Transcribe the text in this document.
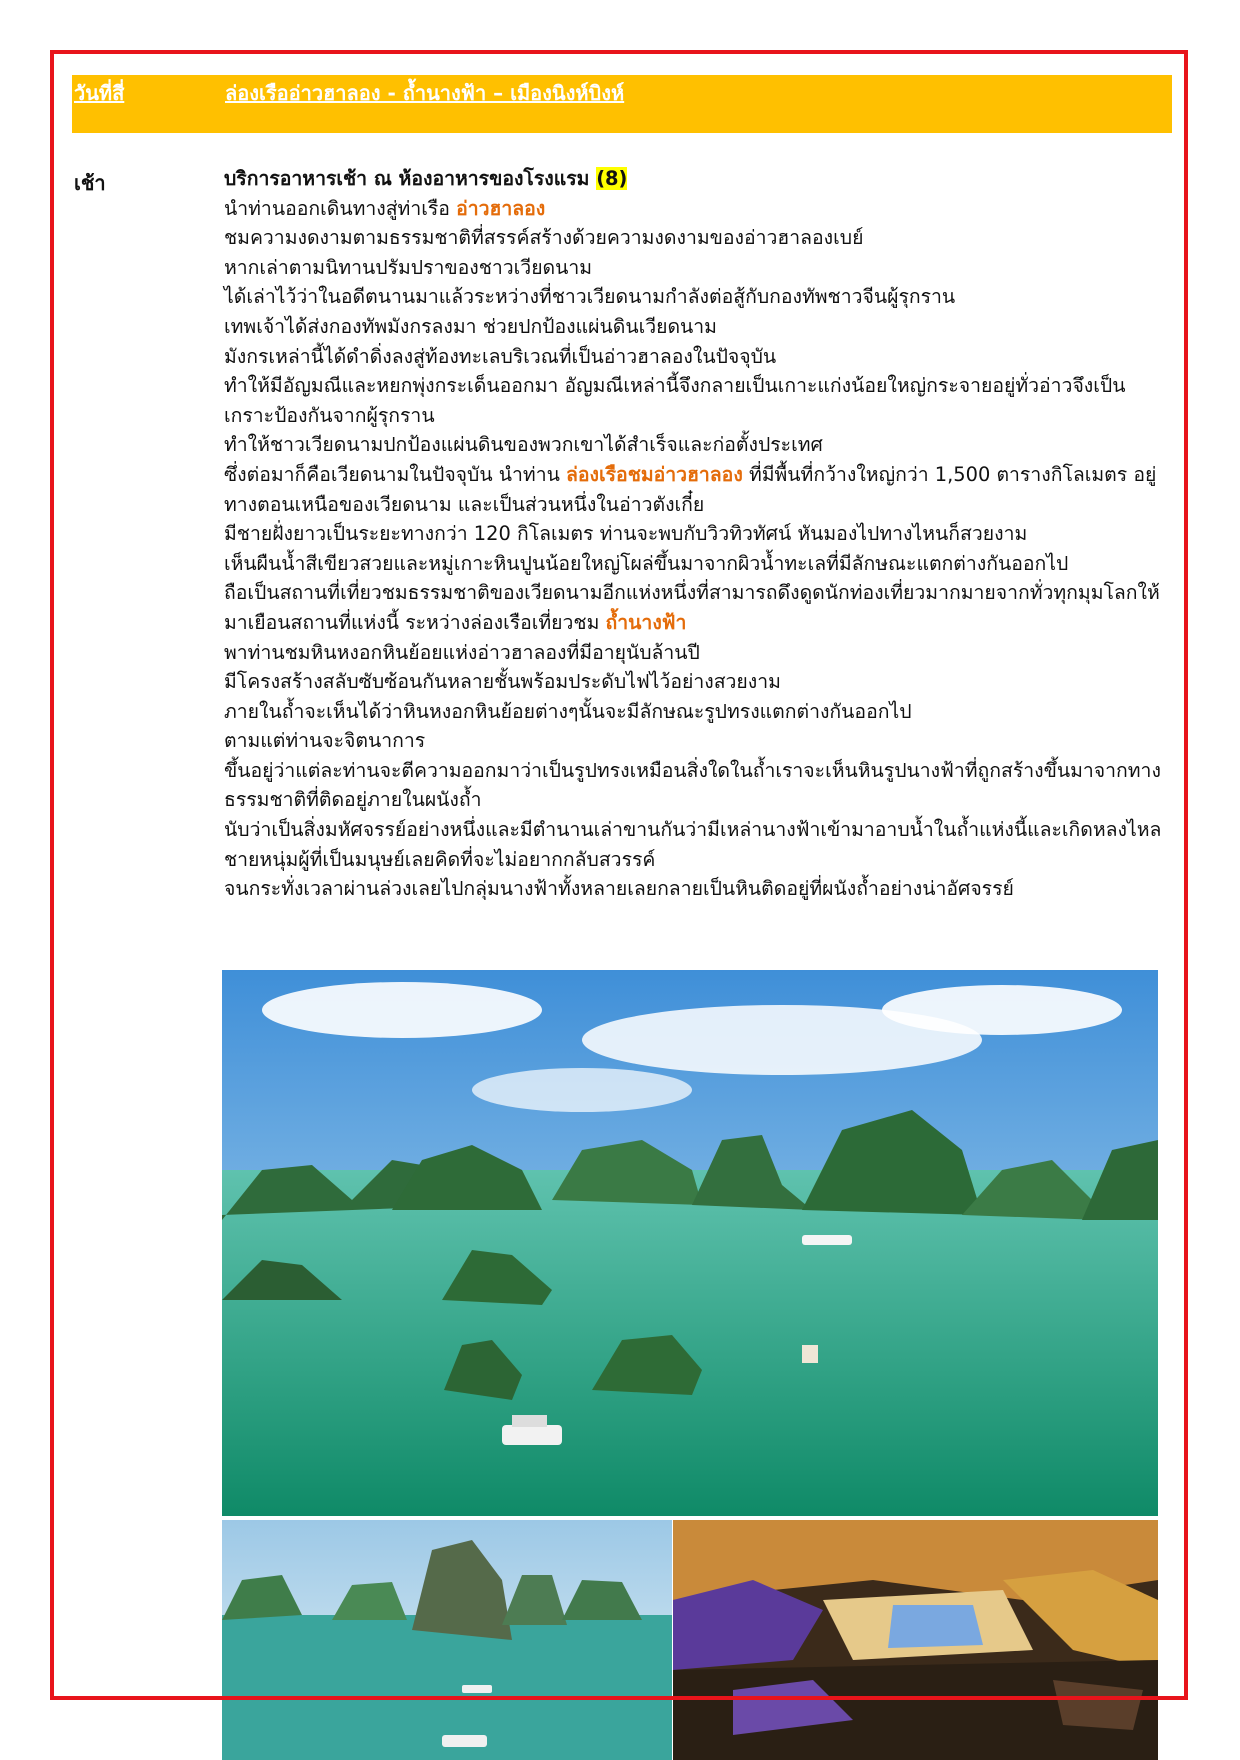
วันที่สี่	ล่องเรืออ่าวฮาลอง - ถ้ำนางฟ้า – เมืองนิงห์บิงห์
เช้า	บริการอาหารเช้า ณ ห้องอาหารของโรงแรม (8)

นำท่านออกเดินทางสู่ท่าเรือ อ่าวฮาลอง

ชมความงดงามตามธรรมชาติที่สรรค์สร้างด้วยความงดงามของอ่าวฮาลองเบย์

หากเล่าตามนิทานปรัมปราของชาวเวียดนาม

ได้เล่าไว้ว่าในอดีตนานมาแล้วระหว่างที่ชาวเวียดนามกำลังต่อสู้กับกองทัพชาวจีนผู้รุกราน

เทพเจ้าได้ส่งกองทัพมังกรลงมา ช่วยปกป้องแผ่นดินเวียดนาม

มังกรเหล่านี้ได้ดำดิ่งลงสู่ท้องทะเลบริเวณที่เป็นอ่าวฮาลองในปัจจุบัน

ทำให้มีอัญมณีและหยกพุ่งกระเด็นออกมา อัญมณีเหล่านี้จึงกลายเป็นเกาะแก่งน้อยใหญ่กระจายอยู่ทั่วอ่าวจึงเป็นเกราะป้องกันจากผู้รุกราน

ทำให้ชาวเวียดนามปกป้องแผ่นดินของพวกเขาได้สำเร็จและก่อตั้งประเทศ

ซึ่งต่อมาก็คือเวียดนามในปัจจุบัน นำท่าน ล่องเรือชมอ่าวฮาลอง ที่มีพื้นที่กว้างใหญ่กว่า 1,500 ตารางกิโลเมตร อยู่ทางตอนเหนือของเวียดนาม และเป็นส่วนหนึ่งในอ่าวตังเกี๋ย

มีชายฝั่งยาวเป็นระยะทางกว่า 120 กิโลเมตร ท่านจะพบกับวิวทิวทัศน์ หันมองไปทางไหนก็สวยงาม

เห็นผืนน้ำสีเขียวสวยและหมู่เกาะหินปูนน้อยใหญ่โผล่ขึ้นมาจากผิวน้ำทะเลที่มีลักษณะแตกต่างกันออกไป

ถือเป็นสถานที่เที่ยวชมธรรมชาติของเวียดนามอีกแห่งหนึ่งที่สามารถดึงดูดนักท่องเที่ยวมากมายจากทั่วทุกมุมโลกให้มาเยือนสถานที่แห่งนี้ ระหว่างล่องเรือเที่ยวชม ถ้ำนางฟ้า

พาท่านชมหินหงอกหินย้อยแห่งอ่าวฮาลองที่มีอายุนับล้านปี

มีโครงสร้างสลับซับซ้อนกันหลายชั้นพร้อมประดับไฟไว้อย่างสวยงาม

ภายในถ้ำจะเห็นได้ว่าหินหงอกหินย้อยต่างๆนั้นจะมีลักษณะรูปทรงแตกต่างกันออกไป

ตามแต่ท่านจะจิตนาการ

ขึ้นอยู่ว่าแต่ละท่านจะตีความออกมาว่าเป็นรูปทรงเหมือนสิ่งใดในถ้ำเราจะเห็นหินรูปนางฟ้าที่ถูกสร้างขึ้นมาจากทางธรรมชาติที่ติดอยู่ภายในผนังถ้ำ

นับว่าเป็นสิ่งมหัศจรรย์อย่างหนึ่งและมีตำนานเล่าขานกันว่ามีเหล่านางฟ้าเข้ามาอาบน้ำในถ้ำแห่งนี้และเกิดหลงไหลชายหนุ่มผู้ที่เป็นมนุษย์เลยคิดที่จะไม่อยากกลับสวรรค์

จนกระทั่งเวลาผ่านล่วงเลยไปกลุ่มนางฟ้าทั้งหลายเลยกลายเป็นหินติดอยู่ที่ผนังถ้ำอย่างน่าอัศจรรย์
